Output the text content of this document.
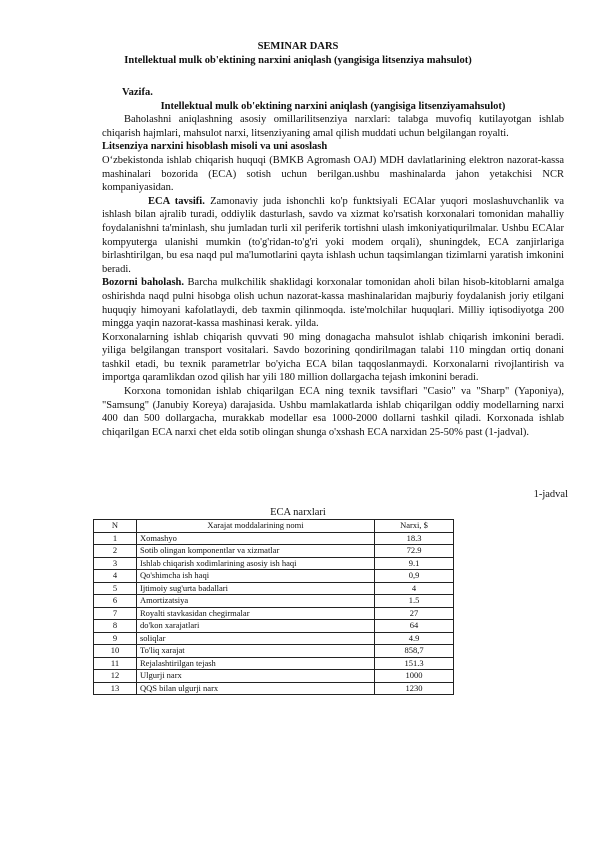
SEMINAR DARS
Intellektual mulk ob'ektining narxini aniqlash (yangisiga litsenziya mahsulot)

Vazifa.

Intellektual mulk ob'ektining narxini aniqlash (yangisiga litsenziyamahsulot)

Baholashni aniqlashning asosiy omillarilitsenziya narxlari: talabga muvofiq kutilayotgan ishlab chiqarish hajmlari, mahsulot narxi, litsenziyaning amal qilish muddati uchun belgilangan royalti.

Litsenziya narxini hisoblash misoli va uni asoslash

O‘zbekistonda ishlab chiqarish huquqi (BMKB Agromash OAJ) MDH davlatlarining elektron nazorat-kassa mashinalari bozorida (ECA) sotish uchun berilgan.ushbu mashinalarda jahon yetakchisi NCR kompaniyasidan.

ECA tavsifi. Zamonaviy juda ishonchli ko'p funktsiyali ECAlar yuqori moslashuvchanlik va ishlash bilan ajralib turadi, oddiylik dasturlash, savdo va xizmat ko'rsatish korxonalari tomonidan mahalliy foydalanishni ta'minlash, shu jumladan turli xil periferik tortishni ulash imkoniyatiqurilmalar. Ushbu ECAlar kompyuterga ulanishi mumkin (to'g'ridan-to'g'ri yoki modem orqali), shuningdek, ECA zanjirlariga birlashtirilgan, bu esa naqd pul ma'lumotlarini qayta ishlash uchun taqsimlangan tizimlarni yaratish imkonini beradi.

Bozorni baholash. Barcha mulkchilik shaklidagi korxonalar tomonidan aholi bilan hisob-kitoblarni amalga oshirishda naqd pulni hisobga olish uchun nazorat-kassa mashinalaridan majburiy foydalanish joriy etilgani huquqiy himoyani kafolatlaydi, deb taxmin qilinmoqda. iste'molchilar huquqlari. Milliy iqtisodiyotga 200 mingga yaqin nazorat-kassa mashinasi kerak. yilda.

Korxonalarning ishlab chiqarish quvvati 90 ming donagacha mahsulot ishlab chiqarish imkonini beradi. yiliga belgilangan transport vositalari. Savdo bozorining qondirilmagan talabi 110 mingdan ortiq donani tashkil etadi, bu texnik parametrlar bo'yicha ECA bilan taqqoslanmaydi. Korxonalarni rivojlantirish va importga qaramlikdan ozod qilish har yili 180 million dollargacha tejash imkonini beradi.

Korxona tomonidan ishlab chiqarilgan ECA ning texnik tavsiflari "Casio" va "Sharp" (Yaponiya), "Samsung" (Janubiy Koreya) darajasida. Ushbu mamlakatlarda ishlab chiqarilgan oddiy modellarning narxi 400 dan 500 dollargacha, murakkab modellar esa 1000-2000 dollarni tashkil qiladi. Korxonada ishlab chiqarilgan ECA narxi chet elda sotib olingan shunga o'xshash ECA narxidan 25-50% past (1-jadval).

1-jadval
ECA narxlari
N	Xarajat moddalarining nomi	Narxi, $
1	Xomashyo	18.3
2	Sotib olingan komponentlar va xizmatlar	72.9
3	Ishlab chiqarish xodimlarining asosiy ish haqi	9.1
4	Qo'shimcha ish haqi	0,9
5	Ijtimoiy sug'urta badallari	4
6	Amortizatsiya	1.5
7	Royalti stavkasidan chegirmalar	27
8	do'kon xarajatlari	64
9	soliqlar	4.9
10	To'liq xarajat	858,7
11	Rejalashtirilgan tejash	151.3
12	Ulgurji narx	1000
13	QQS bilan ulgurji narx	1230
